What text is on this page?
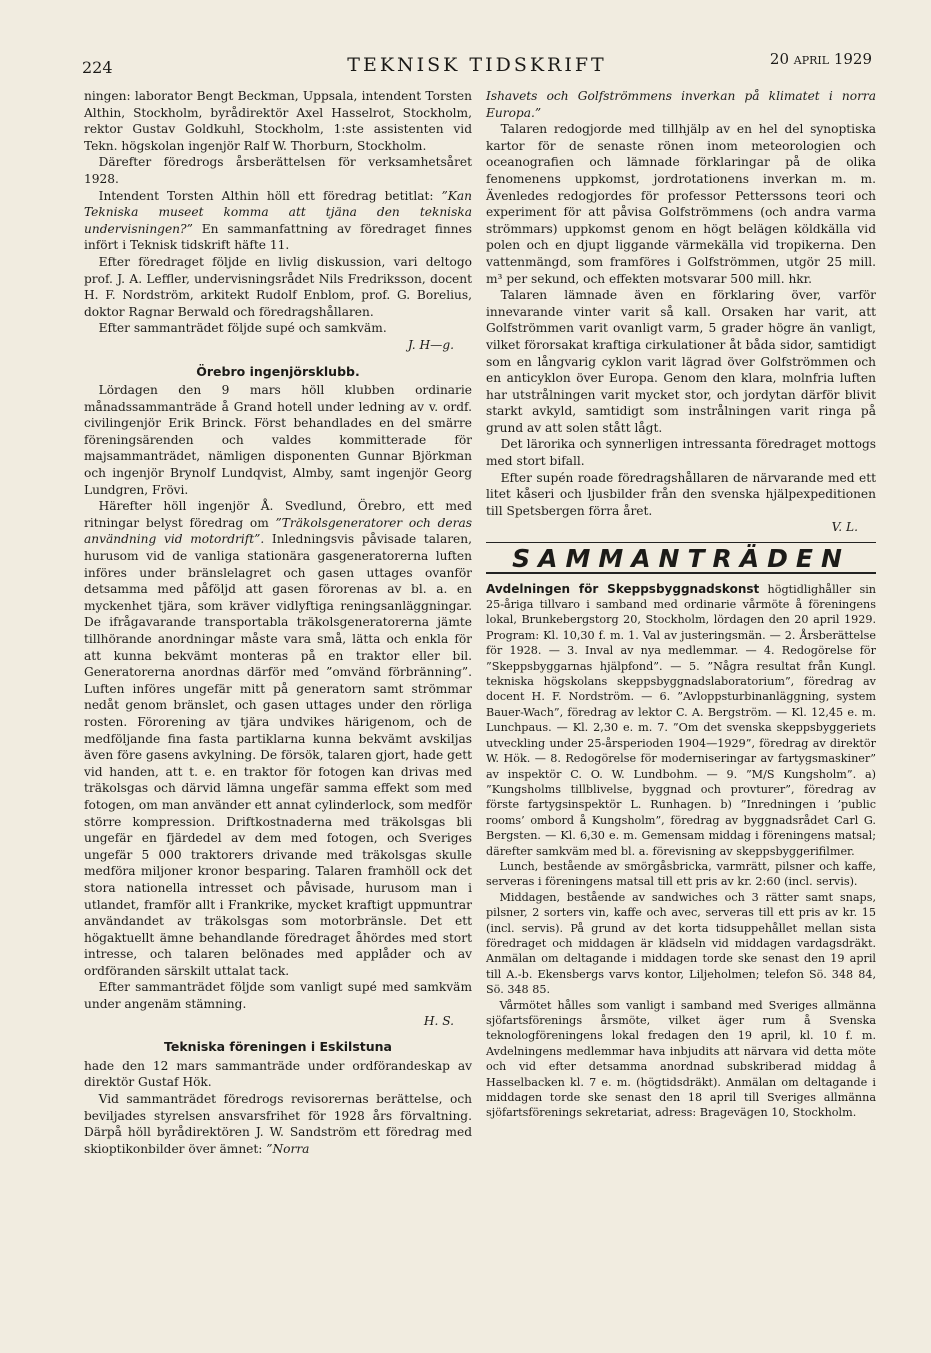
224	TEKNISK TIDSKRIFT	20 april 1929

ningen: laborator Bengt Beckman, Uppsala, intendent Torsten Althin, Stockholm, byrådirektör Axel Hasselrot, Stockholm, rektor Gustav Goldkuhl, Stockholm, 1:ste assistenten vid Tekn. högskolan ingenjör Ralf W. Thorburn, Stockholm.

Därefter föredrogs årsberättelsen för verksamhetsåret 1928.

Intendent Torsten Althin höll ett föredrag betitlat: ”Kan Tekniska museet komma att tjäna den tekniska undervisningen?” En sammanfattning av föredraget finnes infört i Teknisk tidskrift häfte 11.

Efter föredraget följde en livlig diskussion, vari deltogo prof. J. A. Leffler, undervisningsrådet Nils Fredriksson, docent H. F. Nordström, arkitekt Rudolf Enblom, prof. G. Borelius, doktor Ragnar Berwald och föredragshållaren.

Efter sammanträdet följde supé och samkväm.

J. H—g.

Örebro ingenjörsklubb.

Lördagen den 9 mars höll klubben ordinarie månadssammanträde å Grand hotell under ledning av v. ordf. civilingenjör Erik Brinck. Först behandlades en del smärre föreningsärenden och valdes kommitterade för majsammanträdet, nämligen disponenten Gunnar Björkman och ingenjör Brynolf Lundqvist, Almby, samt ingenjör Georg Lundgren, Frövi.

Härefter höll ingenjör Å. Svedlund, Örebro, ett med ritningar belyst föredrag om ”Träkolsgeneratorer och deras användning vid motordrift”. Inledningsvis påvisade talaren, hurusom vid de vanliga stationära gasgeneratorerna luften införes under bränslelagret och gasen uttages ovanför detsamma med påföljd att gasen förorenas av bl. a. en myckenhet tjära, som kräver vidlyftiga reningsanläggningar. De ifrågavarande transportabla träkolsgeneratorerna jämte tillhörande anordningar måste vara små, lätta och enkla för att kunna bekvämt monteras på en traktor eller bil. Generatorerna anordnas därför med ”omvänd förbränning”. Luften införes ungefär mitt på generatorn samt strömmar nedåt genom bränslet, och gasen uttages under den rörliga rosten. Förorening av tjära undvikes härigenom, och de medföljande fina fasta partiklarna kunna bekvämt avskiljas även före gasens avkylning. De försök, talaren gjort, hade gett vid handen, att t. e. en traktor för fotogen kan drivas med träkolsgas och därvid lämna ungefär samma effekt som med fotogen, om man använder ett annat cylinderlock, som medför större kompression. Driftkostnaderna med träkolsgas bli ungefär en fjärdedel av dem med fotogen, och Sveriges ungefär 5 000 traktorers drivande med träkolsgas skulle medföra miljoner kronor besparing. Talaren framhöll ock det stora nationella intresset och påvisade, hurusom man i utlandet, framför allt i Frankrike, mycket kraftigt uppmuntrar användandet av träkolsgas som motorbränsle. Det ett högaktuellt ämne behandlande föredraget åhördes med stort intresse, och talaren belönades med applåder och av ordföranden särskilt uttalat tack.

Efter sammanträdet följde som vanligt supé med samkväm under angenäm stämning.

H. S.

Tekniska föreningen i Eskilstuna

hade den 12 mars sammanträde under ordförandeskap av direktör Gustaf Hök.

Vid sammanträdet föredrogs revisorernas berättelse, och beviljades styrelsen ansvarsfrihet för 1928 års förvaltning. Därpå höll byrådirektören J. W. Sandström ett föredrag med skioptikonbilder över ämnet: ”Norra

Ishavets och Golfströmmens inverkan på klimatet i norra Europa.”

Talaren redogjorde med tillhjälp av en hel del synoptiska kartor för de senaste rönen inom meteorologien och oceanografien och lämnade förklaringar på de olika fenomenens uppkomst, jordrotationens inverkan m. m. Ävenledes redogjordes för professor Petterssons teori och experiment för att påvisa Golfströmmens (och andra varma strömmars) uppkomst genom en högt belägen köldkälla vid polen och en djupt liggande värmekälla vid tropikerna. Den vattenmängd, som framföres i Golfströmmen, utgör 25 mill. m³ per sekund, och effekten motsvarar 500 mill. hkr.

Talaren lämnade även en förklaring över, varför innevarande vinter varit så kall. Orsaken har varit, att Golfströmmen varit ovanligt varm, 5 grader högre än vanligt, vilket förorsakat kraftiga cirkulationer åt båda sidor, samtidigt som en långvarig cyklon varit lägrad över Golfströmmen och en anticyklon över Europa. Genom den klara, molnfria luften har utstrålningen varit mycket stor, och jordytan därför blivit starkt avkyld, samtidigt som instrålningen varit ringa på grund av att solen stått lågt.

Det lärorika och synnerligen intressanta föredraget mottogs med stort bifall.

Efter supén roade föredragshållaren de närvarande med ett litet kåseri och ljusbilder från den svenska hjälpexpeditionen till Spetsbergen förra året.

V. L.

SAMMANTRÄDEN

Avdelningen för Skeppsbyggnadskonst högtidlighåller sin 25-åriga tillvaro i samband med ordinarie vårmöte å föreningens lokal, Brunkebergstorg 20, Stockholm, lördagen den 20 april 1929. Program: Kl. 10,30 f. m. 1. Val av justeringsmän. — 2. Årsberättelse för 1928. — 3. Inval av nya medlemmar. — 4. Redogörelse för ”Skeppsbyggarnas hjälpfond”. — 5. ”Några resultat från Kungl. tekniska högskolans skeppsbyggnadslaboratorium”, föredrag av docent H. F. Nordström. — 6. ”Avloppsturbinanläggning, system Bauer-Wach”, föredrag av lektor C. A. Bergström. — Kl. 12,45 e. m. Lunchpaus. — Kl. 2,30 e. m. 7. ”Om det svenska skeppsbyggeriets utveckling under 25-årsperioden 1904—1929”, föredrag av direktör W. Hök. — 8. Redogörelse för moderniseringar av fartygsmaskiner” av inspektör C. O. W. Lundbohm. — 9. ”M/S Kungsholm”. a) ”Kungsholms tillblivelse, byggnad och provturer”, föredrag av förste fartygsinspektör L. Runhagen. b) ”Inredningen i ’public rooms’ ombord å Kungsholm”, föredrag av byggnadsrådet Carl G. Bergsten. — Kl. 6,30 e. m. Gemensam middag i föreningens matsal; därefter samkväm med bl. a. förevisning av skeppsbyggerifilmer.

Lunch, bestående av smörgåsbricka, varmrätt, pilsner och kaffe, serveras i föreningens matsal till ett pris av kr. 2:60 (incl. servis).

Middagen, bestående av sandwiches och 3 rätter samt snaps, pilsner, 2 sorters vin, kaffe och avec, serveras till ett pris av kr. 15 (incl. servis). På grund av det korta tidsuppehållet mellan sista föredraget och middagen är klädseln vid middagen vardagsdräkt. Anmälan om deltagande i middagen torde ske senast den 19 april till A.-b. Ekensbergs varvs kontor, Liljeholmen; telefon Sö. 348 84, Sö. 348 85.

Vårmötet hålles som vanligt i samband med Sveriges allmänna sjöfartsförenings årsmöte, vilket äger rum å Svenska teknologföreningens lokal fredagen den 19 april, kl. 10 f. m. Avdelningens medlemmar hava inbjudits att närvara vid detta möte och vid efter detsamma anordnad subskriberad middag å Hasselbacken kl. 7 e. m. (högtidsdräkt). Anmälan om deltagande i middagen torde ske senast den 18 april till Sveriges allmänna sjöfartsförenings sekretariat, adress: Bragevägen 10, Stockholm.
